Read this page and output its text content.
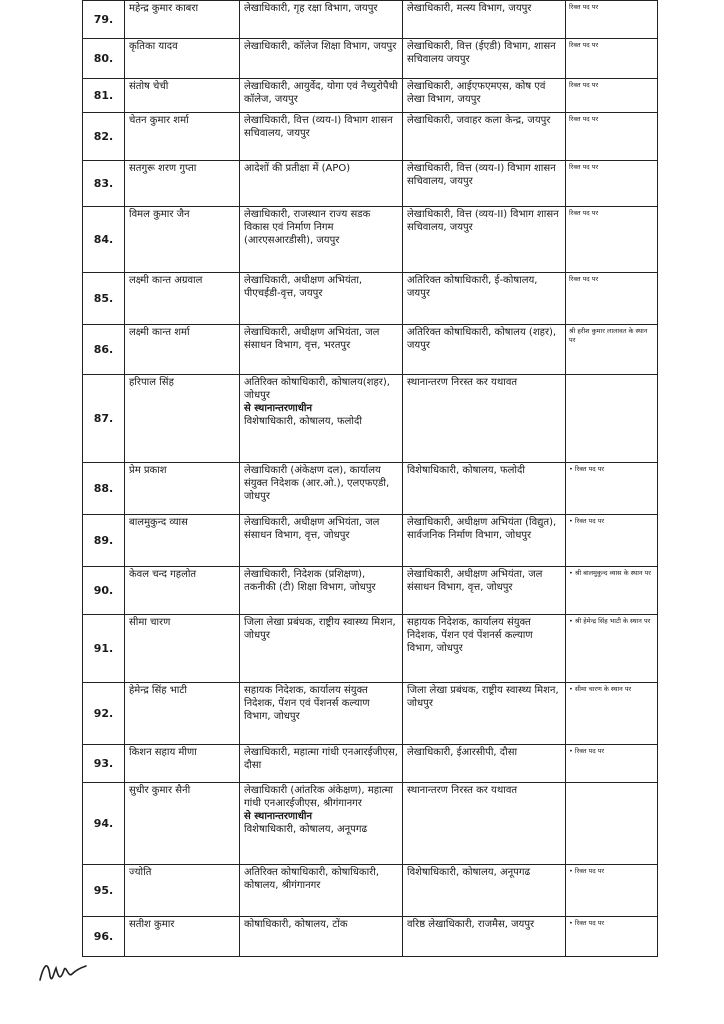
79.	महेन्द्र कुमार काबरा	लेखाधिकारी, गृह रक्षा विभाग, जयपुर	लेखाधिकारी, मत्स्य विभाग, जयपुर	रिक्त पद पर
80.	कृतिका यादव	लेखाधिकारी, कॉलेज शिक्षा विभाग, जयपुर	लेखाधिकारी, वित्त (ईएडी) विभाग, शासन सचिवालय जयपुर	रिक्त पद पर
81.	संतोष चेची	लेखाधिकारी, आयुर्वेद, योगा एवं नैच्युरोपैथी कॉलेज, जयपुर	लेखाधिकारी, आईएफएमएस, कोष एवं लेखा विभाग, जयपुर	रिक्त पद पर
82.	चेतन कुमार शर्मा	लेखाधिकारी, वित्त (व्यय-I) विभाग शासन सचिवालय, जयपुर	लेखाधिकारी, जवाहर कला केन्द्र, जयपुर	रिक्त पद पर
83.	सतगुरू शरण गुप्ता	आदेशों की प्रतीक्षा में (APO)	लेखाधिकारी, वित्त (व्यय-I) विभाग शासन सचिवालय, जयपुर	रिक्त पद पर
84.	विमल कुमार जैन	लेखाधिकारी, राजस्थान राज्य सडक विकास एवं निर्माण निगम (आरएसआरडीसी), जयपुर	लेखाधिकारी, वित्त (व्यय-II) विभाग शासन सचिवालय, जयपुर	रिक्त पद पर
85.	लक्ष्मी कान्त अग्रवाल	लेखाधिकारी, अधीक्षण अभियंता, पीएचईडी-वृत्त, जयपुर	अतिरिक्त कोषाधिकारी, ई-कोषालय, जयपुर	रिक्त पद पर
86.	लक्ष्मी कान्त शर्मा	लेखाधिकारी, अधीक्षण अभियंता, जल संसाधन विभाग, वृत्त, भरतपुर	अतिरिक्त कोषाधिकारी, कोषालय (शहर), जयपुर	श्री हरीश कुमार लालावत के स्थान पर
87.	हरिपाल सिंह	अतिरिक्त कोषाधिकारी, कोषालय(शहर), जोधपुर
से स्थानान्तरणाधीन
विशेषाधिकारी, कोषालय, फलोदी	स्थानान्तरण निरस्त कर यथावत	
88.	प्रेम प्रकाश	लेखाधिकारी (अंकेक्षण दल), कार्यालय संयुक्त निदेशक (आर.ओ.), एलएफएडी, जोधपुर	विशेषाधिकारी, कोषालय, फलोदी	• रिक्त पद पर
89.	बालमुकुन्द व्यास	लेखाधिकारी, अधीक्षण अभियंता, जल संसाधन विभाग, वृत्त, जोधपुर	लेखाधिकारी, अधीक्षण अभियंता (विद्युत), सार्वजनिक निर्माण विभाग, जोधपुर	• रिक्त पद पर
90.	केवल चन्द गहलोत	लेखाधिकारी, निदेशक (प्रशिक्षण), तकनीकी (टी) शिक्षा विभाग, जोधपुर	लेखाधिकारी, अधीक्षण अभियंता, जल संसाधन विभाग, वृत्त, जोधपुर	• श्री बालमुकुन्द व्यास के स्थान पर
91.	सीमा चारण	जिला लेखा प्रबंधक, राष्ट्रीय स्वास्थ्य मिशन, जोधपुर	सहायक निदेशक, कार्यालय संयुक्त निदेशक, पेंशन एवं पेंशनर्स कल्याण विभाग, जोधपुर	• श्री हेमेन्द्र सिंह भाटी के स्थान पर
92.	हेमेन्द्र सिंह भाटी	सहायक निदेशक, कार्यालय संयुक्त निदेशक, पेंशन एवं पेंशनर्स कल्याण विभाग, जोधपुर	जिला लेखा प्रबंधक, राष्ट्रीय स्वास्थ्य मिशन, जोधपुर	• सीमा चारण के स्थान पर
93.	किशन सहाय मीणा	लेखाधिकारी, महात्मा गांधी एनआरईजीएस, दौसा	लेखाधिकारी, ईआरसीपी, दौसा	• रिक्त पद पर
94.	सुधीर कुमार सैनी	लेखाधिकारी (आंतरिक अंकेक्षण), महात्मा गांधी एनआरईजीएस, श्रीगंगानगर
से स्थानान्तरणाधीन
विशेषाधिकारी, कोषालय, अनूपगढ	स्थानान्तरण निरस्त कर यथावत	
95.	ज्योति	अतिरिक्त कोषाधिकारी, कोषाधिकारी, कोषालय, श्रीगंगानगर	विशेषाधिकारी, कोषालय, अनूपगढ	• रिक्त पद पर
96.	सतीश कुमार	कोषाधिकारी, कोषालय, टोंक	वरिष्ठ लेखाधिकारी, राजमैस, जयपुर	• रिक्त पद पर
